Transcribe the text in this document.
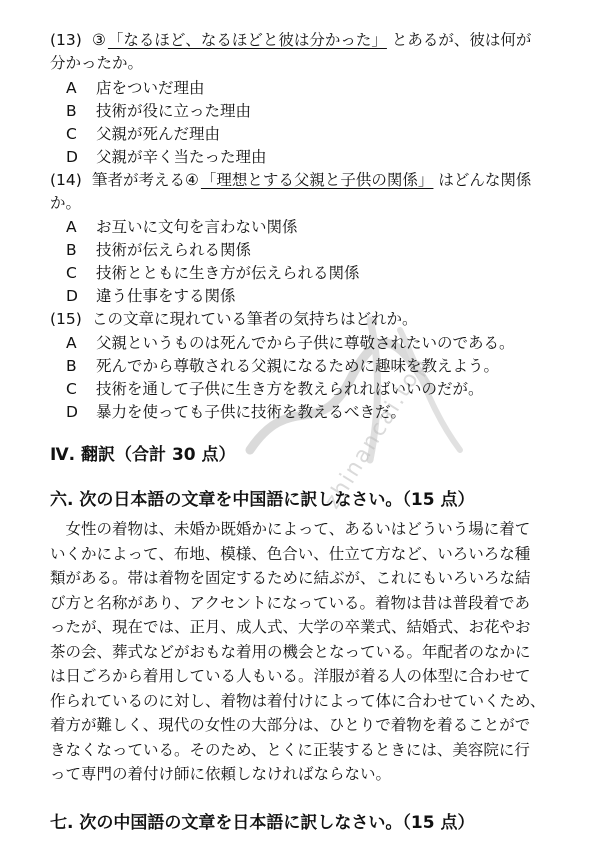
zhinancai.top
(13) ③ 「なるほど、なるほどと彼は分かった」 とあるが、彼は何が
分かったか。
A 店をついだ理由
B 技術が役に立った理由
C 父親が死んだ理由
D 父親が辛く当たった理由
(14) 筆者が考える④ 「理想とする父親と子供の関係」 はどんな関係
か。
A お互いに文句を言わない関係
B 技術が伝えられる関係
C 技術とともに生き方が伝えられる関係
D 違う仕事をする関係
(15) この文章に現れている筆者の気持ちはどれか。
A 父親というものは死んでから子供に尊敬されたいのである。
B 死んでから尊敬される父親になるために趣味を教えよう。
C 技術を通して子供に生き方を教えられればいいのだが。
D 暴力を使っても子供に技術を教えるべきだ。
Ⅳ. 翻訳（合計 30 点）
六. 次の日本語の文章を中国語に訳しなさい。（15 点）
　女性の着物は、未婚か既婚かによって、あるいはどういう場に着て
いくかによって、布地、模様、色合い、仕立て方など、いろいろな種
類がある。帯は着物を固定するために結ぶが、これにもいろいろな結
び方と名称があり、アクセントになっている。着物は昔は普段着であ
ったが、現在では、正月、成人式、大学の卒業式、結婚式、お花やお
茶の会、葬式などがおもな着用の機会となっている。年配者のなかに
は日ごろから着用している人もいる。洋服が着る人の体型に合わせて
作られているのに対し、着物は着付けによって体に合わせていくため、
着方が難しく、現代の女性の大部分は、ひとりで着物を着ることがで
きなくなっている。そのため、とくに正装するときには、美容院に行
って専門の着付け師に依頼しなければならない。
七. 次の中国語の文章を日本語に訳しなさい。（15 点）
